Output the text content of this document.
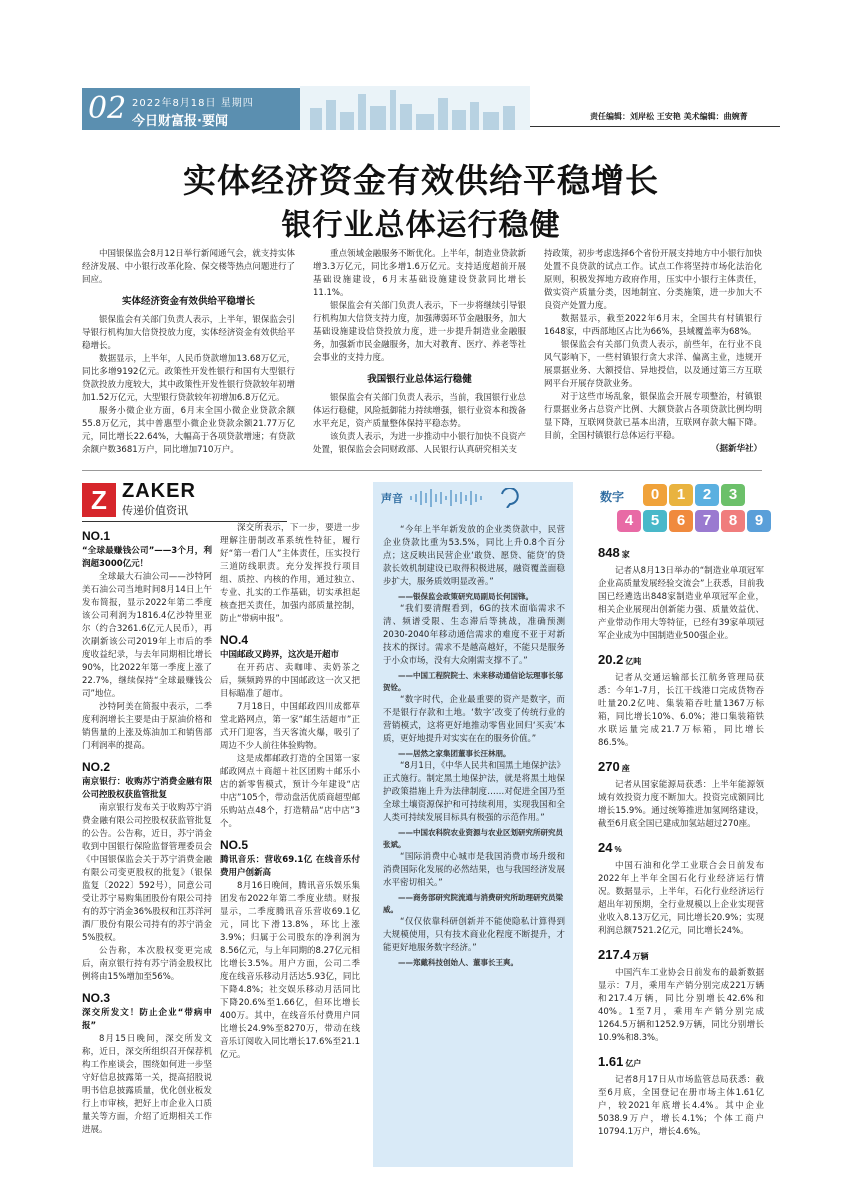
02 2022年8月18日 星期四
今日财富报·要闻	责任编辑：刘岸松 王安艳 美术编辑：曲婉菁
实体经济资金有效供给平稳增长
银行业总体运行稳健

中国银保监会8月12日举行新闻通气会，就支持实体经济发展、中小银行改革化险、保交楼等热点问题进行了回应。

实体经济资金有效供给平稳增长

银保监会有关部门负责人表示，上半年，银保监会引导银行机构加大信贷投放力度，实体经济资金有效供给平稳增长。

数据显示，上半年，人民币贷款增加13.68万亿元，同比多增9192亿元。政策性开发性银行和国有大型银行贷款投放力度较大，其中政策性开发性银行贷款较年初增加1.52万亿元，大型银行贷款较年初增加6.8万亿元。

服务小微企业方面，6月末全国小微企业贷款余额55.8万亿元，其中普惠型小微企业贷款余额21.77万亿元，同比增长22.64%，大幅高于各项贷款增速；有贷款余额户数3681万户，同比增加710万户。

重点领域金融服务不断优化。上半年，制造业贷款新增3.3万亿元，同比多增1.6万亿元。支持适度超前开展基础设施建设，6月末基础设施建设贷款同比增长11.1%。

银保监会有关部门负责人表示，下一步将继续引导银行机构加大信贷支持力度，加强薄弱环节金融服务，加大基础设施建设信贷投放力度，进一步提升制造业金融服务，加强新市民金融服务，加大对教育、医疗、养老等社会事业的支持力度。

我国银行业总体运行稳健

银保监会有关部门负责人表示，当前，我国银行业总体运行稳健，风险抵御能力持续增强，银行业资本和拨备水平充足，资产质量整体保持平稳态势。

该负责人表示，为进一步推动中小银行加快不良资产处置，银保监会会同财政部、人民银行认真研究相关支

持政策，初步考虑选择6个省份开展支持地方中小银行加快处置不良贷款的试点工作。试点工作将坚持市场化法治化原则，积极发挥地方政府作用，压实中小银行主体责任，做实资产质量分类，因地制宜、分类施策，进一步加大不良资产处置力度。

数据显示，截至2022年6月末，全国共有村镇银行1648家，中西部地区占比为66%，县域覆盖率为68%。

银保监会有关部门负责人表示，前些年，在行业不良风气影响下，一些村镇银行贪大求洋、偏离主业，违规开展票据业务、大额授信、异地授信，以及通过第三方互联网平台开展存贷款业务。

对于这些市场乱象，银保监会开展专项整治，村镇银行票据业务占总资产比例、大额贷款占各项贷款比例均明显下降，互联网贷款已基本出清，互联网存款大幅下降。目前，全国村镇银行总体运行平稳。

（据新华社）
Z ZAKER
传递价值资讯
NO.1
“全球最赚钱公司”——3个月，利润超3000亿元！

全球最大石油公司——沙特阿美石油公司当地时间8月14日上午发布简报，显示2022年第二季度该公司利润为1816.4亿沙特里亚尔（约合3261.6亿元人民币），再次刷新该公司2019年上市后的季度收益纪录，与去年同期相比增长90%，比2022年第一季度上涨了22.7%，继续保持“全球最赚钱公司”地位。

沙特阿美在简报中表示，二季度利润增长主要是由于原油价格和销售量的上涨及炼油加工和销售部门利润率的提高。

NO.2
南京银行：收购苏宁消费金融有限公司控股权获监管批复

南京银行发布关于收购苏宁消费金融有限公司控股权获监管批复的公告。公告称，近日，苏宁消金收到中国银行保险监督管理委员会《中国银保监会关于苏宁消费金融有限公司变更股权的批复》（银保监复〔2022〕592号），同意公司受让苏宁易购集团股份有限公司持有的苏宁消金36%股权和江苏洋河酒厂股份有限公司持有的苏宁消金5%股权。

公告称，本次股权变更完成后，南京银行持有苏宁消金股权比例将由15%增加至56%。

NO.3
深交所发文！防止企业“带病申报”

8月15日晚间，深交所发文称，近日，深交所组织召开保荐机构工作座谈会，围绕如何进一步坚守好信息披露第一关，提高招股说明书信息披露质量，优化创业板发行上市审核，把好上市企业入口质量关等方面，介绍了近期相关工作进展。

深交所表示，下一步，要进一步理解注册制改革系统性特征，履行好“第一看门人”主体责任，压实投行三道防线职责。充分发挥投行项目组、质控、内核的作用，通过独立、专业、扎实的工作基础，切实承担起核查把关责任，加强内部质量控制，防止“带病申报”。

NO.4
中国邮政又跨界，这次是开超市

在开药店、卖咖啡、卖奶茶之后，频频跨界的中国邮政这一次又把目标瞄准了超市。

7月18日，中国邮政四川成都草堂北路网点，第一家“邮生活超市”正式开门迎客，当天客流火爆，吸引了周边不少人前往体验购物。

这是成都邮政打造的全国第一家邮政网点＋商超＋社区团购＋邮乐小店的新零售模式，预计今年建设“店中店”105个，带动盘活优质商超型邮乐购站点48个，打造精品“店中店”3个。

NO.5
腾讯音乐：营收69.1亿 在线音乐付费用户创新高

8月16日晚间，腾讯音乐娱乐集团发布2022年第二季度业绩。财报显示，二季度腾讯音乐营收69.1亿元，同比下滑13.8%，环比上涨3.9%；归属于公司股东的净利润为8.56亿元，与上年同期的8.27亿元相比增长3.5%。用户方面，公司二季度在线音乐移动月活达5.93亿，同比下降4.8%；社交娱乐移动月活同比下降20.6%至1.66亿，但环比增长400万。其中，在线音乐付费用户同比增长24.9%至8270万，带动在线音乐订阅收入同比增长17.6%至21.1亿元。

声音

“今年上半年新发放的企业类贷款中，民营企业贷款比重为53.5%，同比上升0.8个百分点；这反映出民营企业‘敢贷、愿贷、能贷’的贷款长效机制建设已取得积极进展，融资覆盖面稳步扩大，服务质效明显改善。”

——银保监会政策研究局副局长何国锋。

“我们要清醒看到，6G的技术面临需求不清、频谱受限、生态滞后等挑战，准确预测2030-2040年移动通信需求的难度不亚于对新技术的探讨。需求不是越高越好，不能只是服务于小众市场，没有大众刚需支撑不了。”

——中国工程院院士、未来移动通信论坛理事长邬贺铨。

“数字时代，企业最重要的资产是数字，而不是银行存款和土地。‘数字’改变了传统行业的营销模式，这将更好地推动零售业回归‘买卖’本质，更好地提升对实实在在的服务价值。”

——居然之家集团董事长汪林朋。

“8月1日，《中华人民共和国黑土地保护法》正式施行。制定黑土地保护法，就是将黑土地保护政策措施上升为法律制度……对促进全国乃至全球土壤资源保护和可持续利用，实现我国和全人类可持续发展目标具有极强的示范作用。”

——中国农科院农业资源与农业区划研究所研究员张斌。

“国际消费中心城市是我国消费市场升级和消费国际化发展的必然结果，也与我国经济发展水平密切相关。”

——商务部研究院流通与消费研究所助理研究员梁威。

“仅仅依靠科研创新并不能使隐私计算得到大规模使用，只有技术商业化程度不断提升，才能更好地服务数字经济。”

——郑戴科技创始人、董事长王爽。

数字	0	1	2	3
4	5	6	7	8	9
848 家

记者从8月13日举办的“制造业单项冠军企业高质量发展经验交流会”上获悉，目前我国已经遴选出848家制造业单项冠军企业，相关企业展现出创新能力强、质量效益优、产业带动作用大等特征，已经有39家单项冠军企业成为中国制造业500强企业。

20.2 亿吨

记者从交通运输部长江航务管理局获悉：今年1-7月，长江干线港口完成货物吞吐量20.2亿吨、集装箱吞吐量1367万标箱，同比增长10%、6.0%；港口集装箱铁水联运量完成21.7万标箱，同比增长86.5%。

270 座

记者从国家能源局获悉：上半年能源领域有效投资力度不断加大。投资完成额同比增长15.9%。通过统筹推进加氢网络建设，截至6月底全国已建成加氢站超过270座。

24 %

中国石油和化学工业联合会日前发布2022年上半年全国石化行业经济运行情况。数据显示，上半年，石化行业经济运行超出年初预期，全行业规模以上企业实现营业收入8.13万亿元，同比增长20.9%；实现利润总额7521.2亿元，同比增长24%。

217.4 万辆

中国汽车工业协会日前发布的最新数据显示：7月，乘用车产销分别完成221万辆和217.4万辆，同比分别增长42.6%和40%。1至7月，乘用车产销分别完成1264.5万辆和1252.9万辆，同比分别增长10.9%和8.3%。

1.61 亿户

记者8月17日从市场监管总局获悉：截至6月底，全国登记在册市场主体1.61亿户，较2021年底增长4.4%。其中企业5038.9万户，增长4.1%；个体工商户10794.1万户，增长4.6%。
